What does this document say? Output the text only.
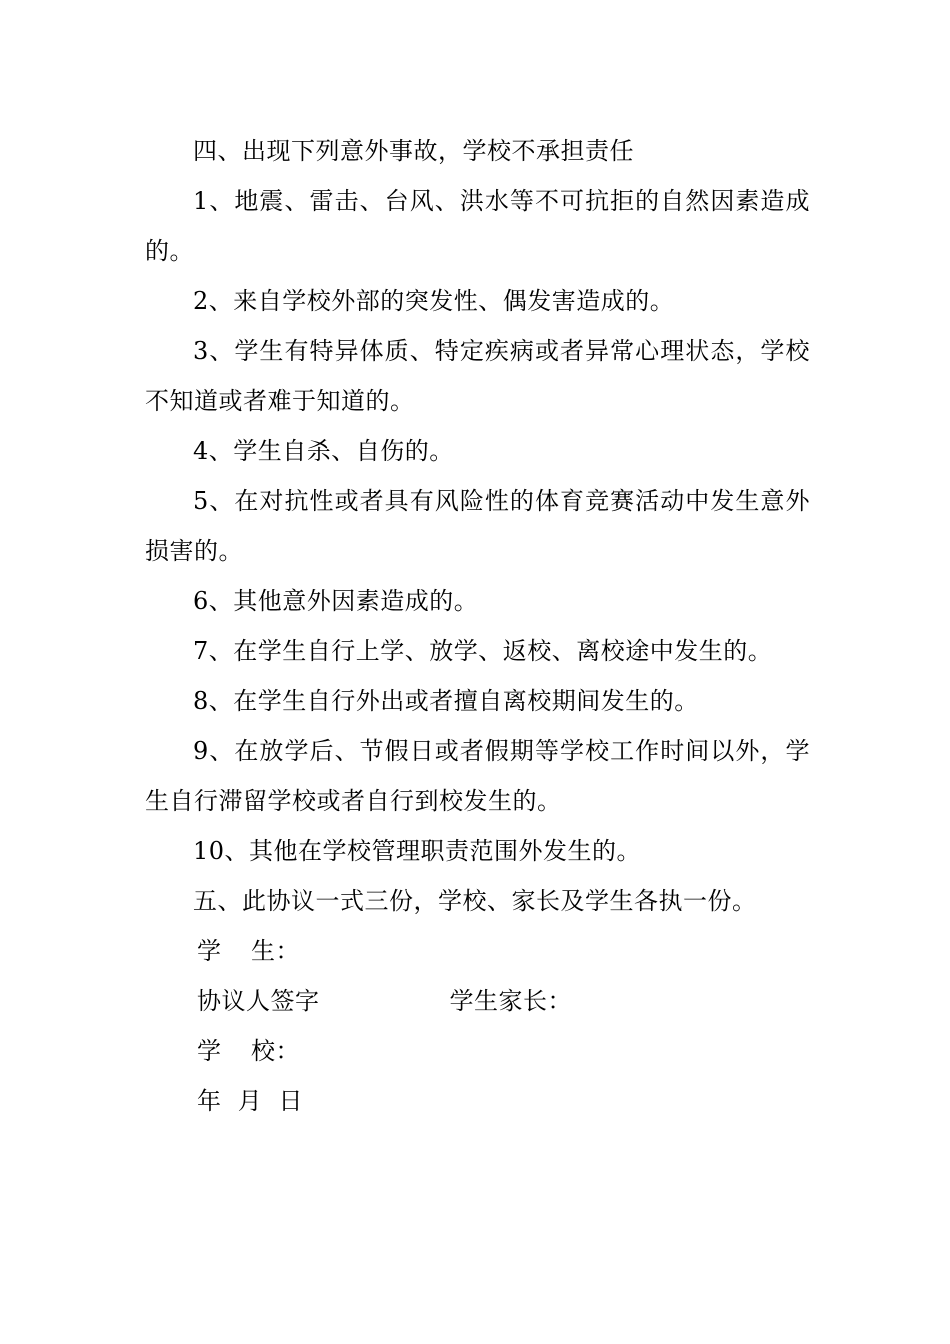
四、出现下列意外事故，学校不承担责任

1、地震、雷击、台风、洪水等不可抗拒的自然因素造成的。

2、来自学校外部的突发性、偶发害造成的。

3、学生有特异体质、特定疾病或者异常心理状态，学校不知道或者难于知道的。

4、学生自杀、自伤的。

5、在对抗性或者具有风险性的体育竞赛活动中发生意外损害的。

6、其他意外因素造成的。

7、在学生自行上学、放学、返校、离校途中发生的。

8、在学生自行外出或者擅自离校期间发生的。

9、在放学后、节假日或者假期等学校工作时间以外，学生自行滞留学校或者自行到校发生的。

10、其他在学校管理职责范围外发生的。

五、此协议一式三份，学校、家长及学生各执一份。

学生：

协议人签字	学生家长：

学校：

年  月  日
